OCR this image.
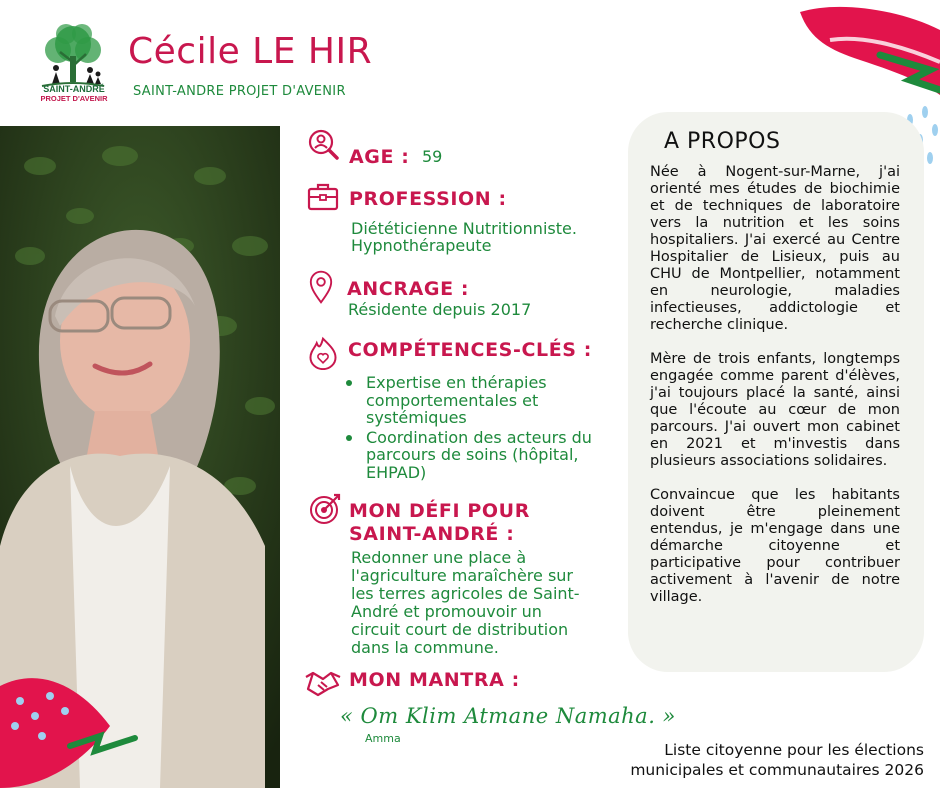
SAINT-ANDRÉ
PROJET D'AVENIR
Cécile LE HIR
SAINT-ANDRE PROJET D'AVENIR
AGE : 59
PROFESSION :
Diététicienne Nutritionniste.
Hypnothérapeute
ANCRAGE :
Résidente depuis 2017
COMPÉTENCES-CLÉS :
Expertise en thérapies comportementales et systémiques
Coordination des acteurs du parcours de soins (hôpital, EHPAD)
MON DÉFI POUR
SAINT-ANDRÉ :
Redonner une place à
l'agriculture maraîchère sur
les terres agricoles de Saint-
André et promouvoir un
circuit court de distribution
dans la commune.
MON MANTRA :
« Om Klim Atmane Namaha. »
Amma
A PROPOS

Née à Nogent-sur-Marne, j'ai orienté mes études de biochimie et de techniques de laboratoire vers la nutrition et les soins hospitaliers. J'ai exercé au Centre Hospitalier de Lisieux, puis au CHU de Montpellier, notamment en neurologie, maladies infectieuses, addictologie et recherche clinique.

Mère de trois enfants, longtemps engagée comme parent d'élèves, j'ai toujours placé la santé, ainsi que l'écoute au cœur de mon parcours. J'ai ouvert mon cabinet en 2021 et m'investis dans plusieurs associations solidaires.

Convaincue que les habitants doivent être pleinement entendus, je m'engage dans une démarche citoyenne et participative pour contribuer activement à l'avenir de notre village.

Liste citoyenne pour les élections
municipales et communautaires 2026
